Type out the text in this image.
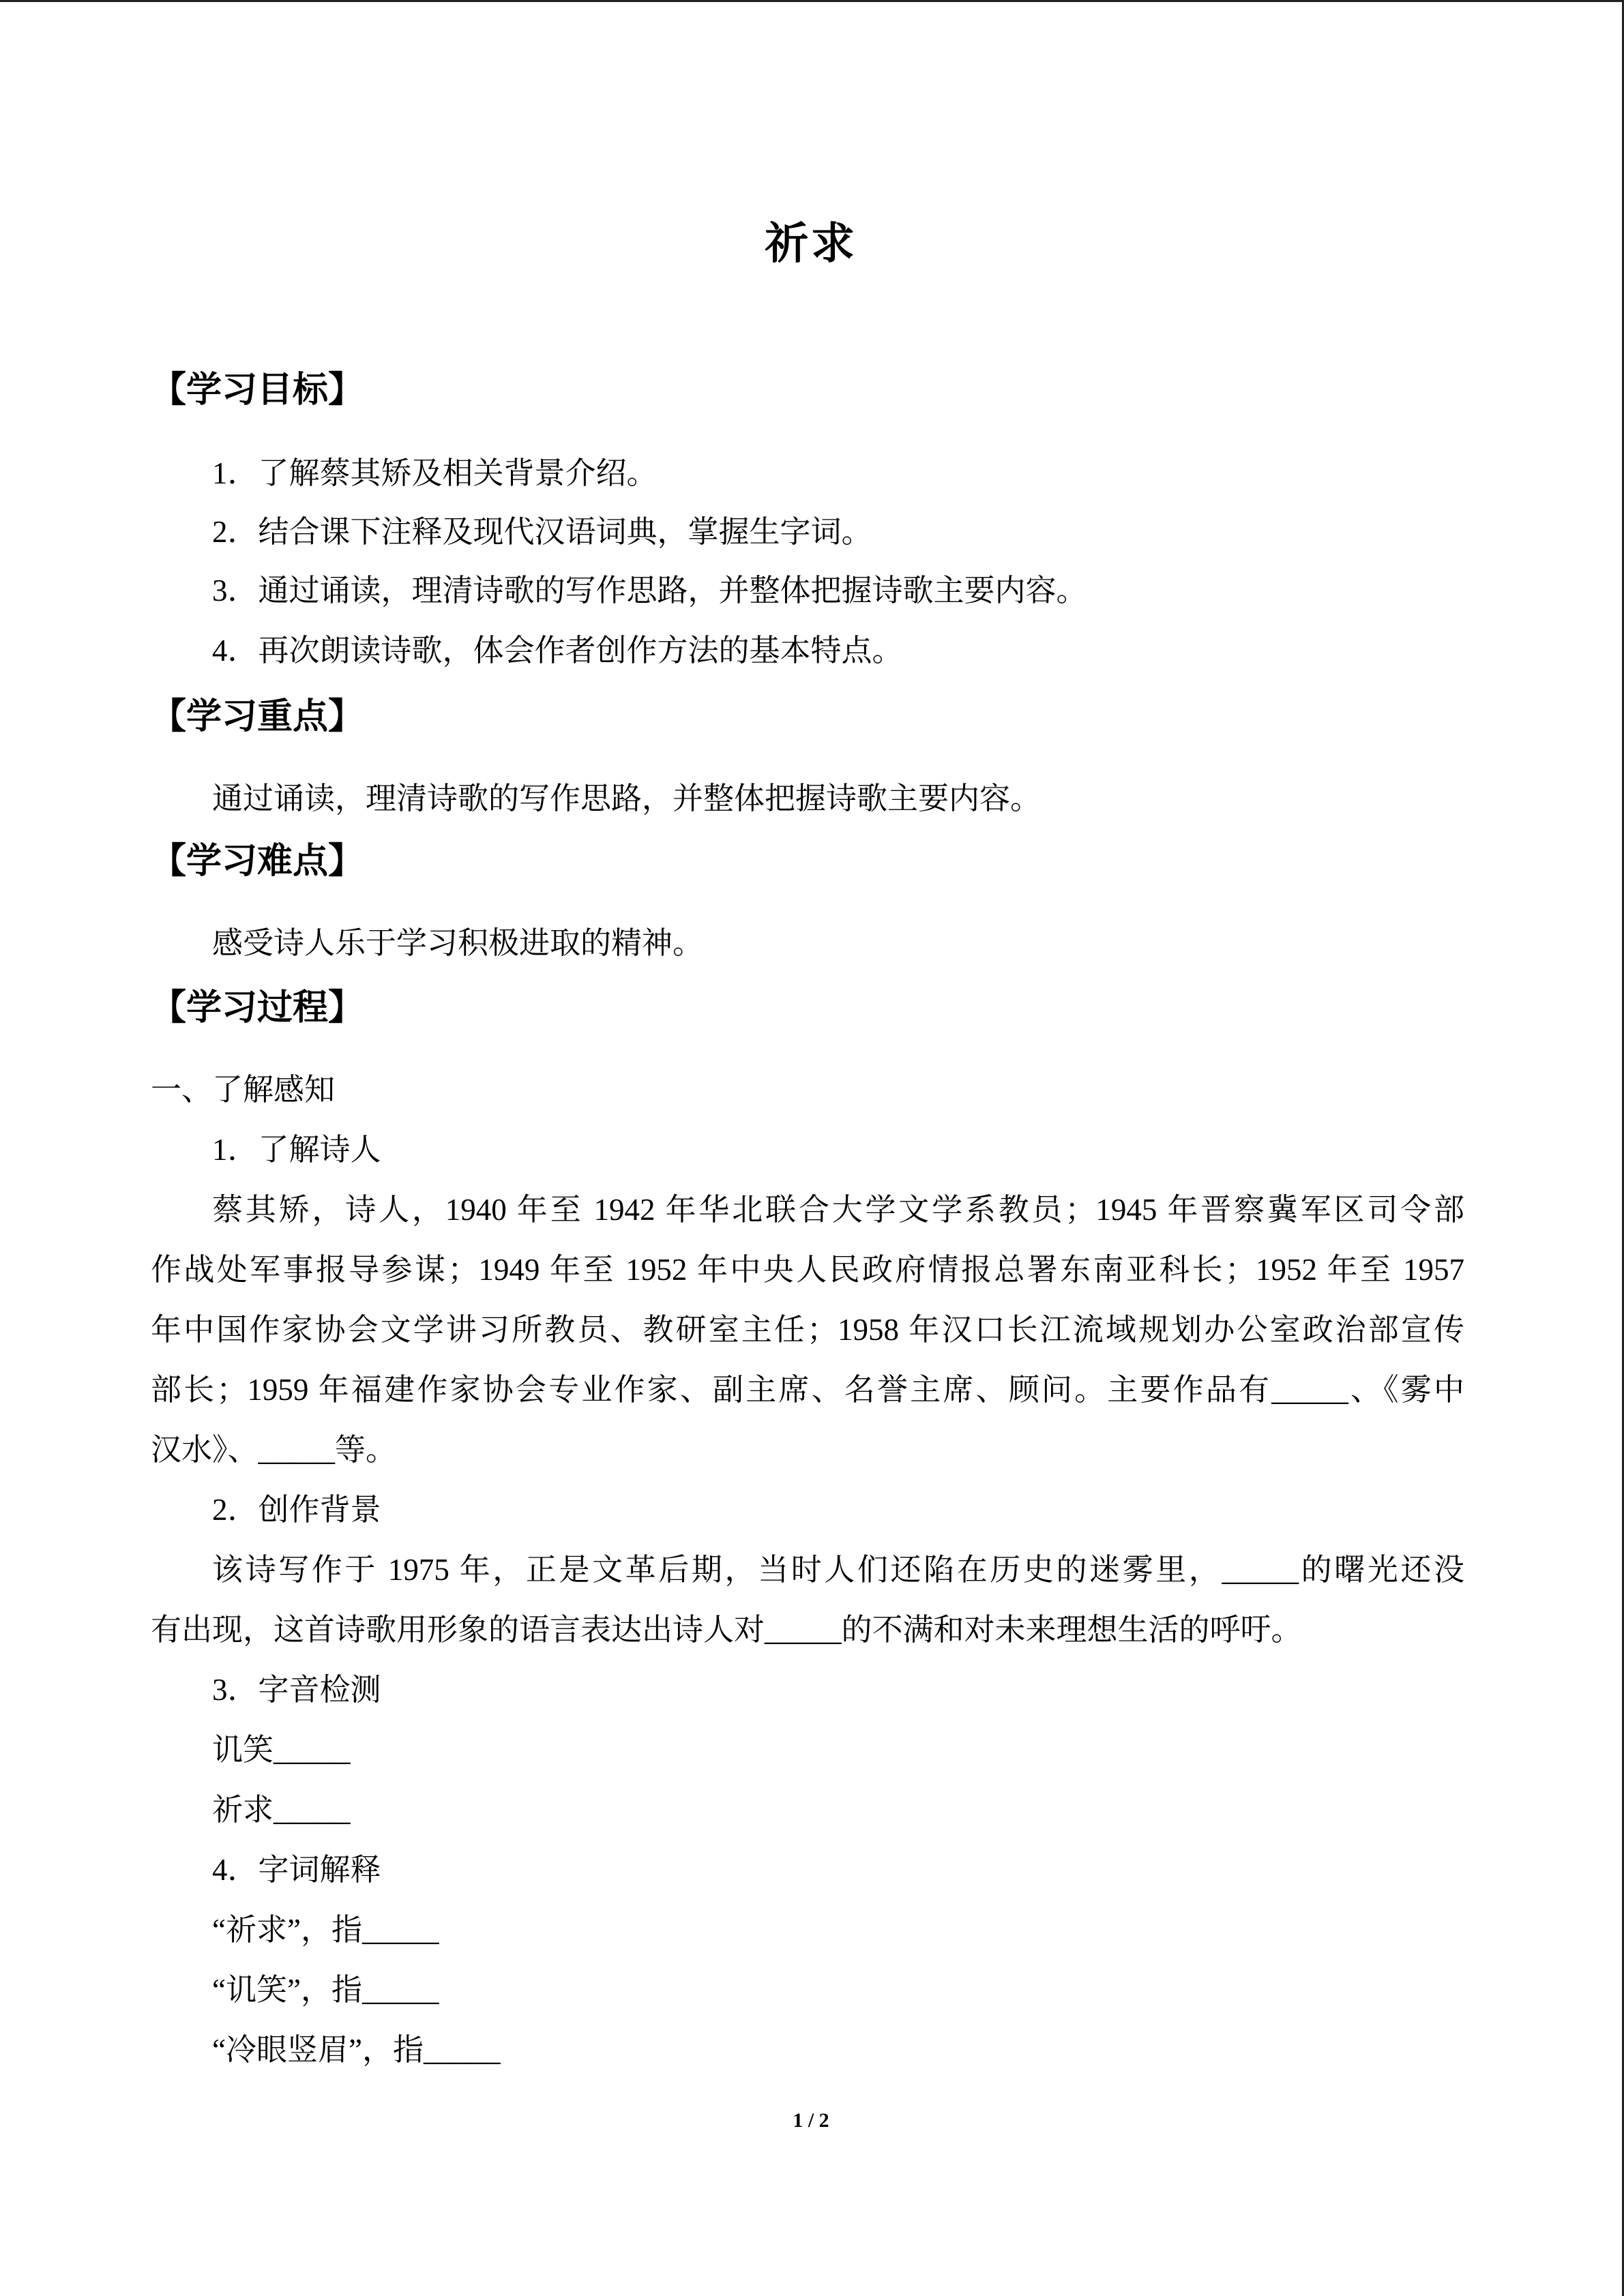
祈求
【学习目标】
1．了解蔡其矫及相关背景介绍。
2．结合课下注释及现代汉语词典，掌握生字词。
3．通过诵读，理清诗歌的写作思路，并整体把握诗歌主要内容。
4．再次朗读诗歌，体会作者创作方法的基本特点。
【学习重点】
通过诵读，理清诗歌的写作思路，并整体把握诗歌主要内容。
【学习难点】
感受诗人乐于学习积极进取的精神。
【学习过程】
一、了解感知
1．了解诗人
蔡其矫，诗人，1940 年至 1942 年华北联合大学文学系教员；1945 年晋察冀军区司令部
作战处军事报导参谋；1949 年至 1952 年中央人民政府情报总署东南亚科长；1952 年至 1957
年中国作家协会文学讲习所教员、教研室主任；1958 年汉口长江流域规划办公室政治部宣传
部长；1959 年福建作家协会专业作家、副主席、名誉主席、顾问。主要作品有_____、《雾中
汉水》、_____等。
2．创作背景
该诗写作于 1975 年，正是文革后期，当时人们还陷在历史的迷雾里，_____的曙光还没
有出现，这首诗歌用形象的语言表达出诗人对_____的不满和对未来理想生活的呼吁。
3．字音检测
讥笑_____
祈求_____
4．字词解释
“祈求”，指_____
“讥笑”，指_____
“冷眼竖眉”，指_____
1 / 2
